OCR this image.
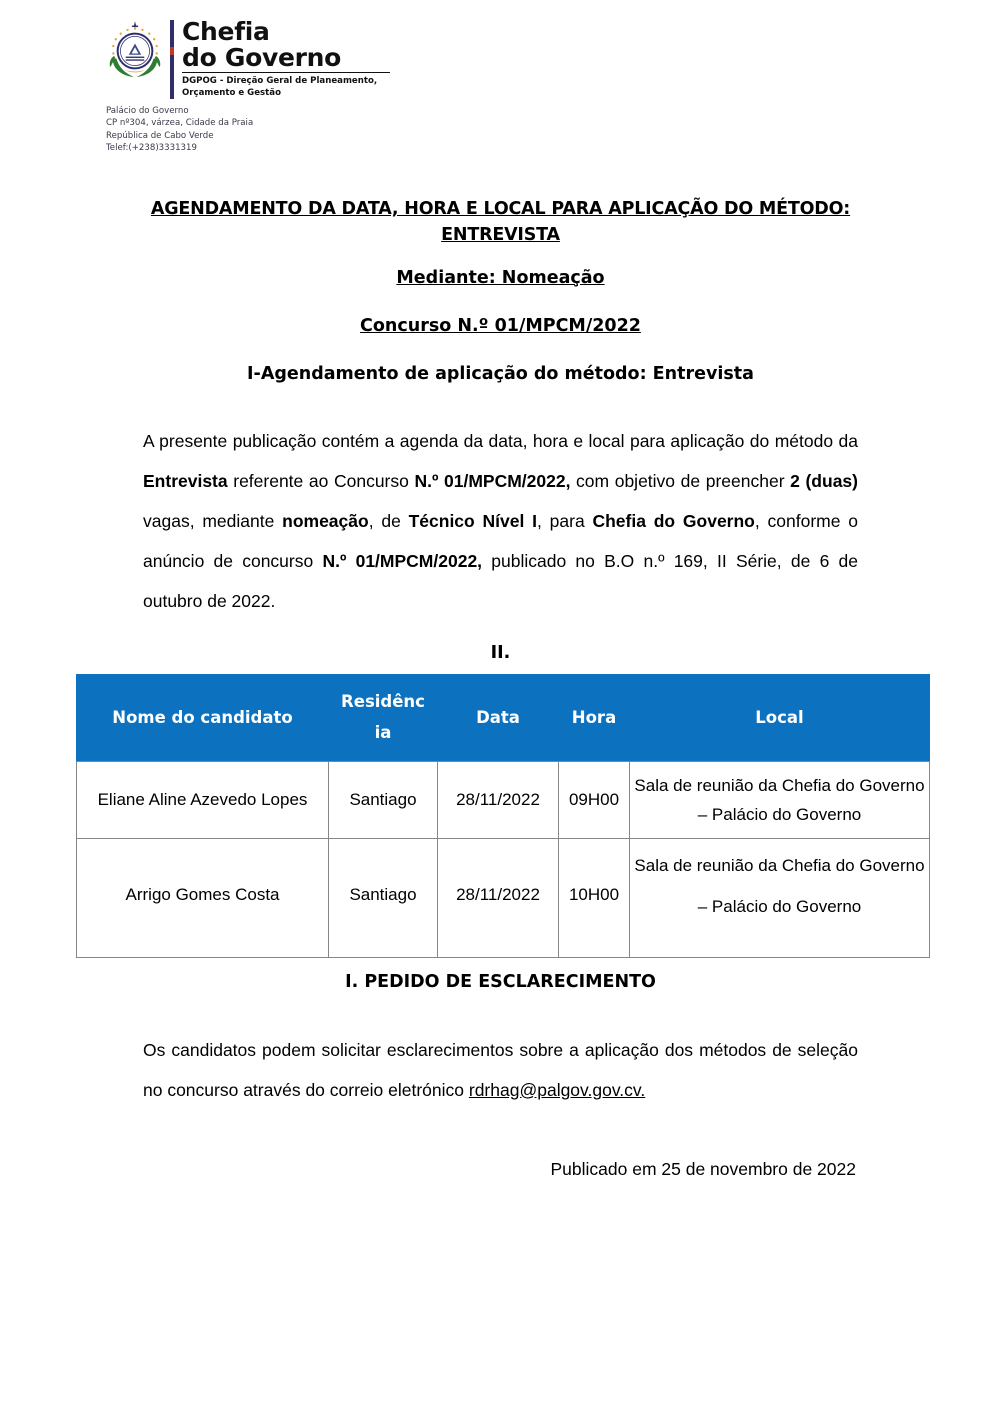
Chefia
do Governo
DGPOG - Direção Geral de Planeamento, Orçamento e Gestão
Palácio do Governo
CP nº304, várzea, Cidade da Praia
República de Cabo Verde
Telef:(+238)3331319
AGENDAMENTO DA DATA, HORA E LOCAL PARA APLICAÇÃO DO MÉTODO:
ENTREVISTA
Mediante: Nomeação
Concurso N.º 01/MPCM/2022
I-Agendamento de aplicação do método: Entrevista

A presente publicação contém a agenda da data, hora e local para aplicação do método da Entrevista referente ao Concurso N.º 01/MPCM/2022, com objetivo de preencher 2 (duas) vagas, mediante nomeação, de Técnico Nível I, para Chefia do Governo, conforme o anúncio de concurso N.º 01/MPCM/2022, publicado no B.O n.º 169, II Série, de 6 de outubro de 2022.

II.
Nome do candidato	Residência	Data	Hora	Local

Eliane Aline Azevedo Lopes	Santiago	28/11/2022	09H00	Sala de reunião da Chefia do Governo – Palácio do Governo
Arrigo Gomes Costa	Santiago	28/11/2022	10H00	Sala de reunião da Chefia do Governo – Palácio do Governo
I. PEDIDO DE ESCLARECIMENTO

Os candidatos podem solicitar esclarecimentos sobre a aplicação dos métodos de seleção no concurso através do correio eletrónico rdrhag@palgov.gov.cv.

Publicado em 25 de novembro de 2022
